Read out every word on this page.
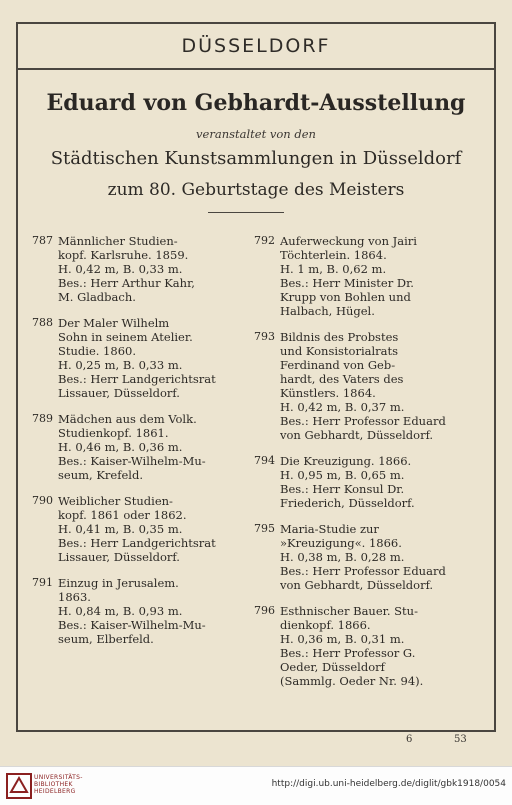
DÜSSELDORF
Eduard von Gebhardt-Ausstellung
veranstaltet von den
Städtischen Kunstsammlungen in Düsseldorf
zum 80. Geburtstage des Meisters
787 Männlicher Studien-
kopf. Karlsruhe. 1859.
H. 0,42 m, B. 0,33 m.
Bes.: Herr Arthur Kahr,
M. Gladbach.
788 Der Maler Wilhelm
Sohn in seinem Atelier.
Studie. 1860.
H. 0,25 m, B. 0,33 m.
Bes.: Herr Landgerichtsrat
Lissauer, Düsseldorf.
789 Mädchen aus dem Volk.
Studienkopf. 1861.
H. 0,46 m, B. 0,36 m.
Bes.: Kaiser-Wilhelm-Mu-
seum, Krefeld.
790 Weiblicher Studien-
kopf. 1861 oder 1862.
H. 0,41 m, B. 0,35 m.
Bes.: Herr Landgerichtsrat
Lissauer, Düsseldorf.
791 Einzug in Jerusalem.
1863.
H. 0,84 m, B. 0,93 m.
Bes.: Kaiser-Wilhelm-Mu-
seum, Elberfeld.
792 Auferweckung von Jairi
Töchterlein. 1864.
H. 1 m, B. 0,62 m.
Bes.: Herr Minister Dr.
Krupp von Bohlen und
Halbach, Hügel.
793 Bildnis des Probstes
und Konsistorialrats
Ferdinand von Geb-
hardt, des Vaters des
Künstlers. 1864.
H. 0,42 m, B. 0,37 m.
Bes.: Herr Professor Eduard
von Gebhardt, Düsseldorf.
794 Die Kreuzigung. 1866.
H. 0,95 m, B. 0,65 m.
Bes.: Herr Konsul Dr.
Friederich, Düsseldorf.
795 Maria-Studie zur
»Kreuzigung«. 1866.
H. 0,38 m, B. 0,28 m.
Bes.: Herr Professor Eduard
von Gebhardt, Düsseldorf.
796 Esthnischer Bauer. Stu-
dienkopf. 1866.
H. 0,36 m, B. 0,31 m.
Bes.: Herr Professor G.
Oeder, Düsseldorf
(Sammlg. Oeder Nr. 94).
6	53
UNIVERSITÄTS-
BIBLIOTHEK
HEIDELBERG
http://digi.ub.uni-heidelberg.de/diglit/gbk1918/0054
